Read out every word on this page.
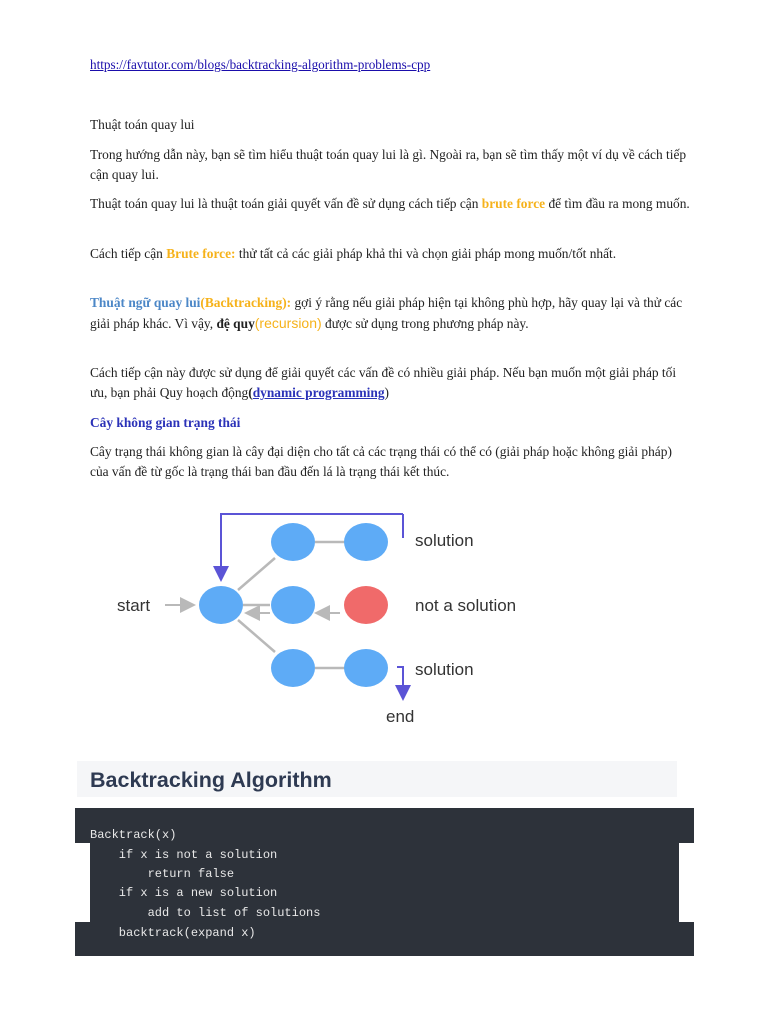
https://favtutor.com/blogs/backtracking-algorithm-problems-cpp
Thuật toán quay lui
Trong hướng dẫn này, bạn sẽ tìm hiểu thuật toán quay lui là gì. Ngoài ra, bạn sẽ tìm thấy một ví dụ về cách tiếp cận quay lui.
Thuật toán quay lui là thuật toán giải quyết vấn đề sử dụng cách tiếp cận brute force để tìm đầu ra mong muốn.
Cách tiếp cận Brute force: thử tất cả các giải pháp khả thi và chọn giải pháp mong muốn/tốt nhất.
Thuật ngữ quay lui(Backtracking): gợi ý rằng nếu giải pháp hiện tại không phù hợp, hãy quay lại và thử các giải pháp khác. Vì vậy, đệ quy(recursion) được sử dụng trong phương pháp này.
Cách tiếp cận này được sử dụng để giải quyết các vấn đề có nhiều giải pháp. Nếu bạn muốn một giải pháp tối ưu, bạn phải Quy hoạch động(dynamic programming)
Cây không gian trạng thái
Cây trạng thái không gian là cây đại diện cho tất cả các trạng thái có thể có (giải pháp hoặc không giải pháp) của vấn đề từ gốc là trạng thái ban đầu đến lá là trạng thái kết thúc.
start
solution
not a solution
solution
end
Backtracking Algorithm
Backtrack(x)
if x is not a solution
return false
if x is a new solution
add to list of solutions
backtrack(expand x)
